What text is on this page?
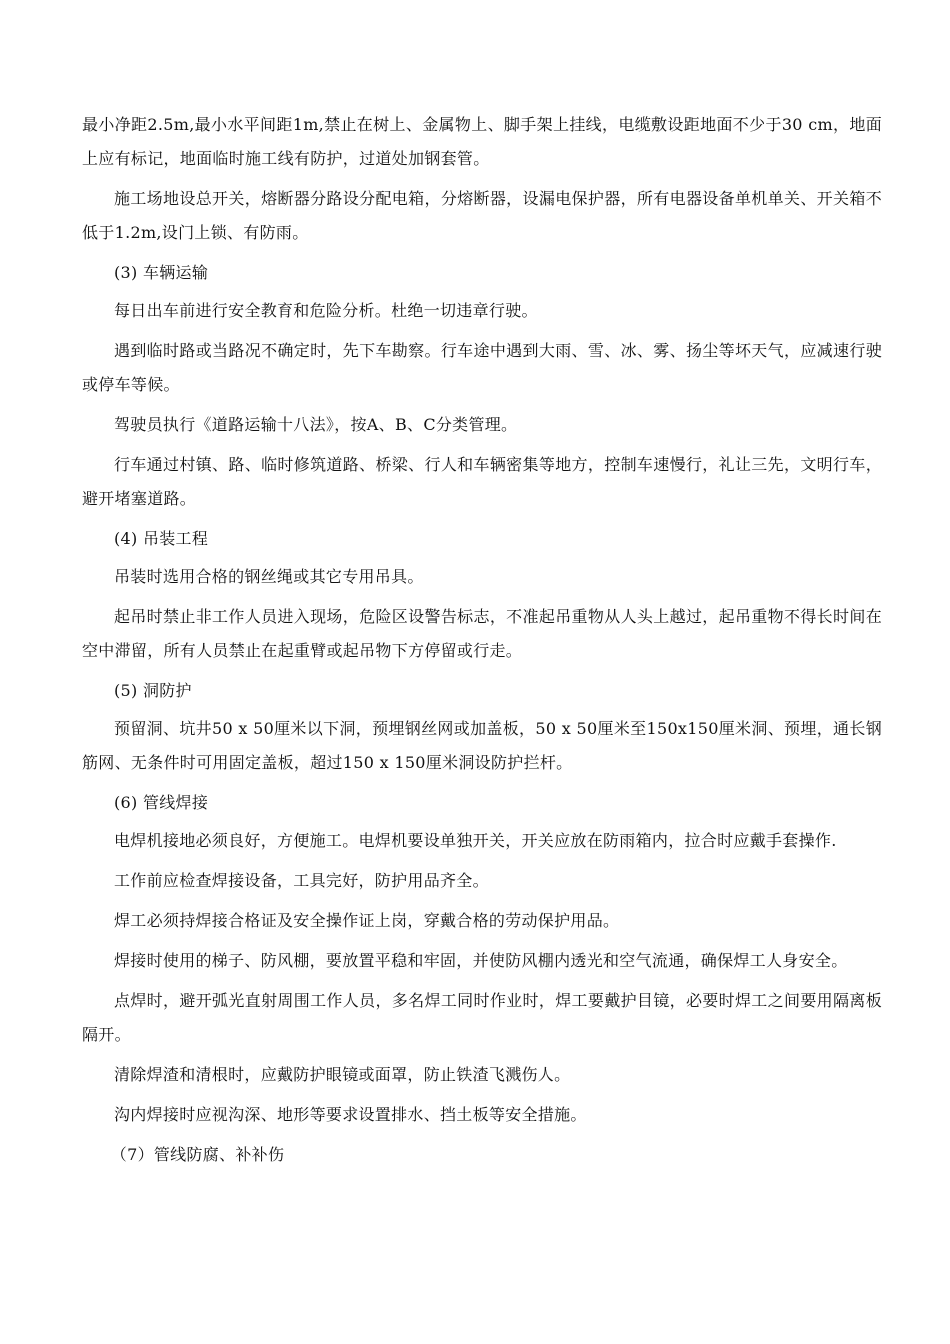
最小净距2.5m,最小水平间距1m,禁止在树上、金属物上、脚手架上挂线，电缆敷设距地面不少于30 cm，地面上应有标记，地面临时施工线有防护，过道处加钢套管。

施工场地设总开关，熔断器分路设分配电箱，分熔断器，设漏电保护器，所有电器设备单机单关、开关箱不低于1.2m,设门上锁、有防雨。

(3) 车辆运输

每日出车前进行安全教育和危险分析。杜绝一切违章行驶。

遇到临时路或当路况不确定时，先下车勘察。行车途中遇到大雨、雪、冰、雾、扬尘等坏天气，应减速行驶或停车等候。

驾驶员执行《道路运输十八法》，按A、B、C分类管理。

行车通过村镇、路、临时修筑道路、桥梁、行人和车辆密集等地方，控制车速慢行，礼让三先，文明行车，避开堵塞道路。

(4) 吊装工程

吊装时选用合格的钢丝绳或其它专用吊具。

起吊时禁止非工作人员进入现场，危险区设警告标志，不准起吊重物从人头上越过，起吊重物不得长时间在空中滞留，所有人员禁止在起重臂或起吊物下方停留或行走。

(5) 洞防护

预留洞、坑井50 x 50厘米以下洞，预埋钢丝网或加盖板，50 x 50厘米至150x150厘米洞、预埋，通长钢筋网、无条件时可用固定盖板，超过150 x 150厘米洞设防护拦杆。

(6) 管线焊接

电焊机接地必须良好，方便施工。电焊机要设单独开关，开关应放在防雨箱内，拉合时应戴手套操作.

工作前应检查焊接设备，工具完好，防护用品齐全。

焊工必须持焊接合格证及安全操作证上岗，穿戴合格的劳动保护用品。

焊接时使用的梯子、防风棚，要放置平稳和牢固，并使防风棚内透光和空气流通，确保焊工人身安全。

点焊时，避开弧光直射周围工作人员，多名焊工同时作业时，焊工要戴护目镜，必要时焊工之间要用隔离板隔开。

清除焊渣和清根时，应戴防护眼镜或面罩，防止铁渣飞溅伤人。

沟内焊接时应视沟深、地形等要求设置排水、挡土板等安全措施。

（7）管线防腐、补补伤
